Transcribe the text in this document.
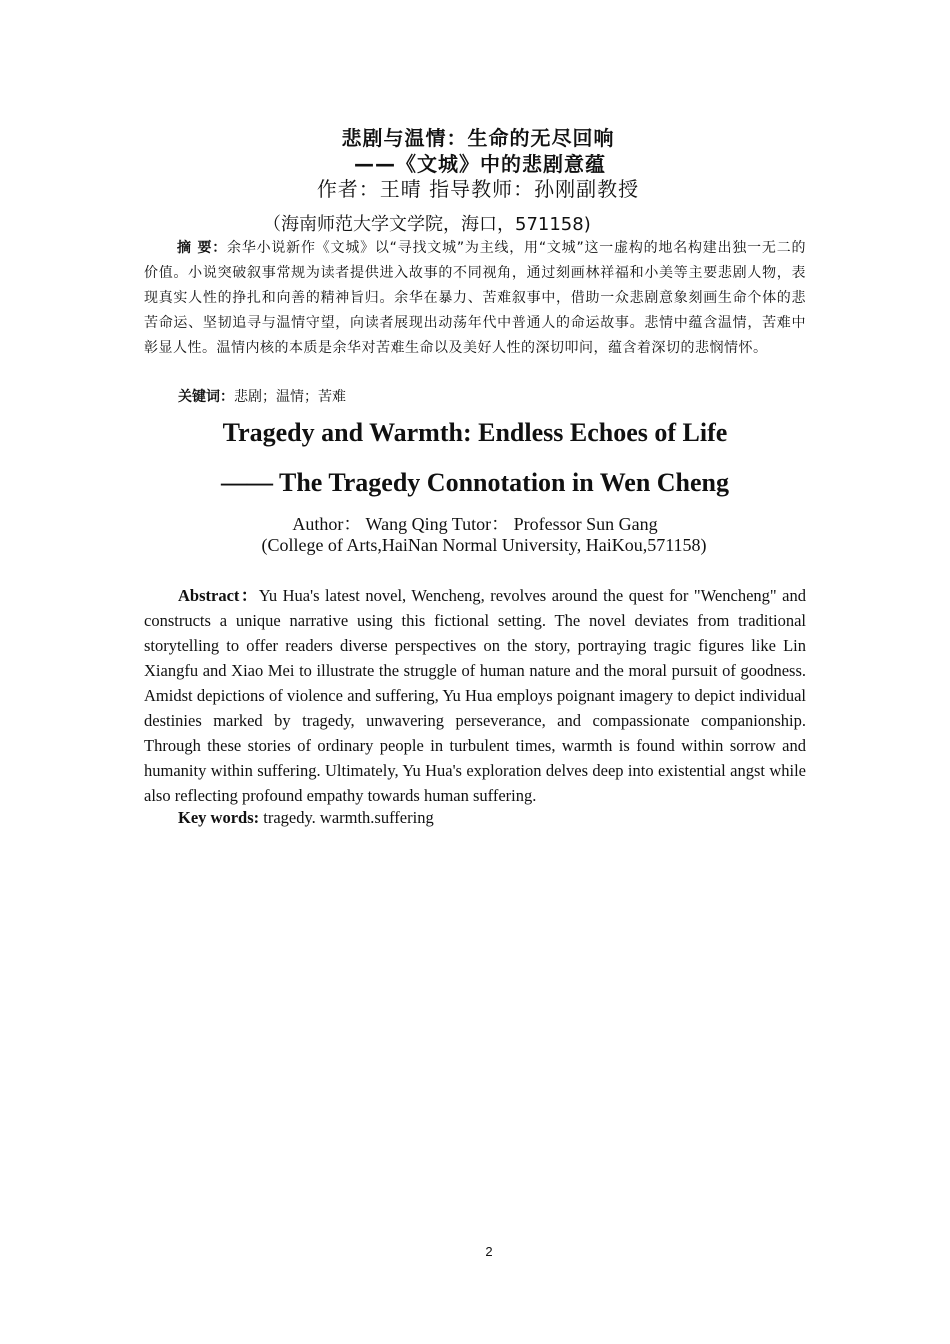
悲剧与温情：生命的无尽回响
——《文城》中的悲剧意蕴
作者：王晴 指导教师：孙刚副教授
（海南师范大学文学院，海口，571158)
摘 要：余华小说新作《文城》以“寻找文城”为主线，用“文城”这一虚构的地名构建出独一无二的价值。小说突破叙事常规为读者提供进入故事的不同视角，通过刻画林祥福和小美等主要悲剧人物，表现真实人性的挣扎和向善的精神旨归。余华在暴力、苦难叙事中，借助一众悲剧意象刻画生命个体的悲苦命运、坚韧追寻与温情守望，向读者展现出动荡年代中普通人的命运故事。悲情中蕴含温情，苦难中彰显人性。温情内核的本质是余华对苦难生命以及美好人性的深切叩问，蕴含着深切的悲悯情怀。
关键词：悲剧；温情；苦难
Tragedy and Warmth: Endless Echoes of Life
—— The Tragedy Connotation in Wen Cheng
Author： Wang Qing Tutor： Professor Sun Gang
(College of Arts,HaiNan Normal University, HaiKou,571158)
Abstract：Yu Hua's latest novel, Wencheng, revolves around the quest for "Wencheng" and constructs a unique narrative using this fictional setting. The novel deviates from traditional storytelling to offer readers diverse perspectives on the story, portraying tragic figures like Lin Xiangfu and Xiao Mei to illustrate the struggle of human nature and the moral pursuit of goodness. Amidst depictions of violence and suffering, Yu Hua employs poignant imagery to depict individual destinies marked by tragedy, unwavering perseverance, and compassionate companionship. Through these stories of ordinary people in turbulent times, warmth is found within sorrow and humanity within suffering. Ultimately, Yu Hua's exploration delves deep into existential angst while also reflecting profound empathy towards human suffering.
Key words: tragedy. warmth.suffering
2
